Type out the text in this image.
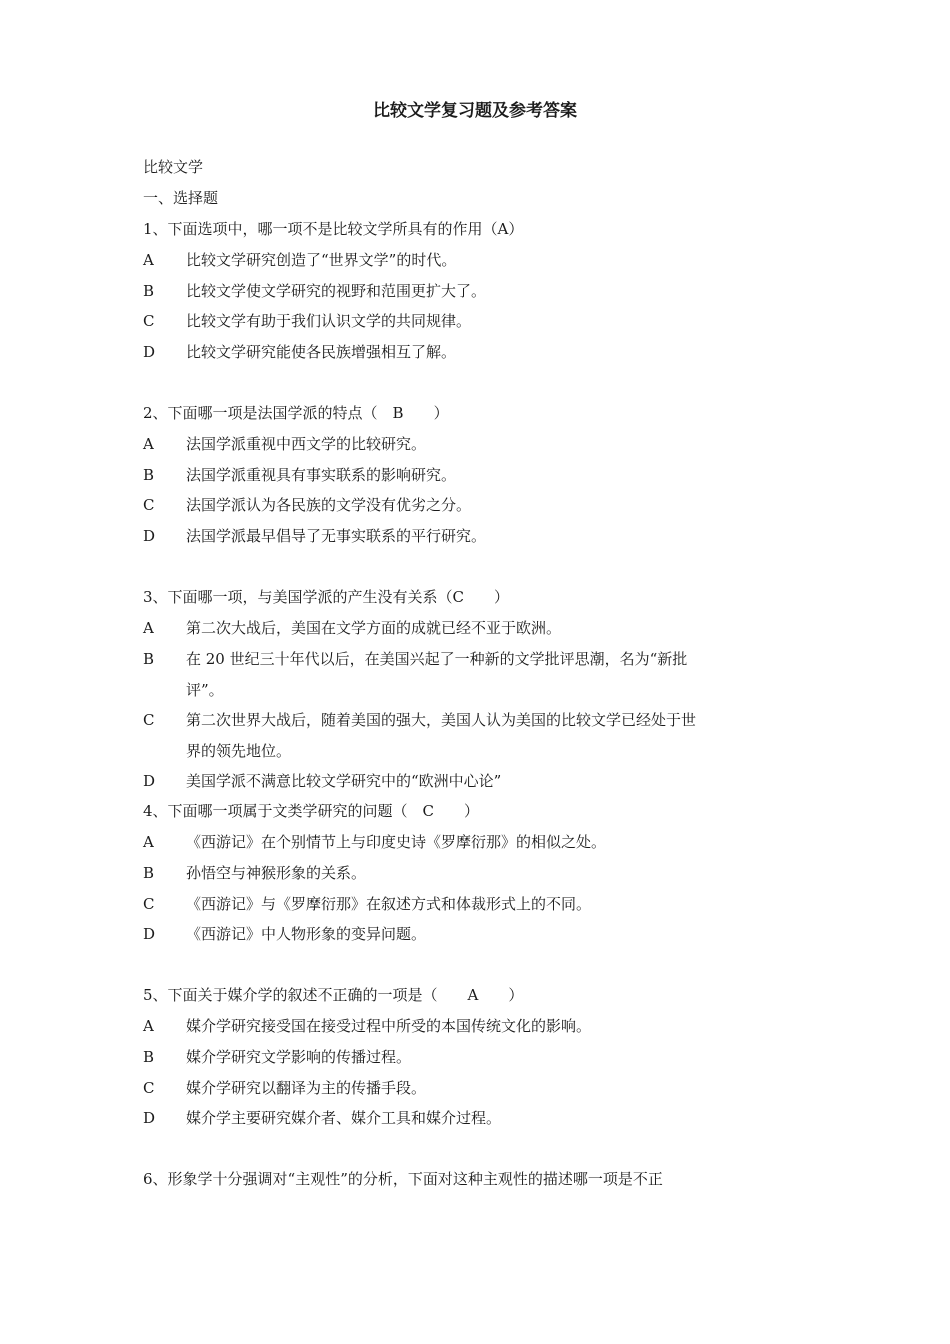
比较文学复习题及参考答案
比较文学
一、选择题
1、下面选项中，哪一项不是比较文学所具有的作用（A）
A 比较文学研究创造了“世界文学”的时代。
B 比较文学使文学研究的视野和范围更扩大了。
C 比较文学有助于我们认识文学的共同规律。
D 比较文学研究能使各民族增强相互了解。
2、下面哪一项是法国学派的特点（　B　　）
A 法国学派重视中西文学的比较研究。
B 法国学派重视具有事实联系的影响研究。
C 法国学派认为各民族的文学没有优劣之分。
D 法国学派最早倡导了无事实联系的平行研究。
3、下面哪一项，与美国学派的产生没有关系（C　　）
A 第二次大战后，美国在文学方面的成就已经不亚于欧洲。
B 在 20 世纪三十年代以后，在美国兴起了一种新的文学批评思潮，名为“新批
评”。
C 第二次世界大战后，随着美国的强大，美国人认为美国的比较文学已经处于世
界的领先地位。
D 美国学派不满意比较文学研究中的“欧洲中心论”
4、下面哪一项属于文类学研究的问题（　C　　）
A 《西游记》在个别情节上与印度史诗《罗摩衍那》的相似之处。
B 孙悟空与神猴形象的关系。
C 《西游记》与《罗摩衍那》在叙述方式和体裁形式上的不同。
D 《西游记》中人物形象的变异问题。
5、下面关于媒介学的叙述不正确的一项是（　　A　　）
A 媒介学研究接受国在接受过程中所受的本国传统文化的影响。
B 媒介学研究文学影响的传播过程。
C 媒介学研究以翻译为主的传播手段。
D 媒介学主要研究媒介者、媒介工具和媒介过程。
6、形象学十分强调对“主观性”的分析，下面对这种主观性的描述哪一项是不正
